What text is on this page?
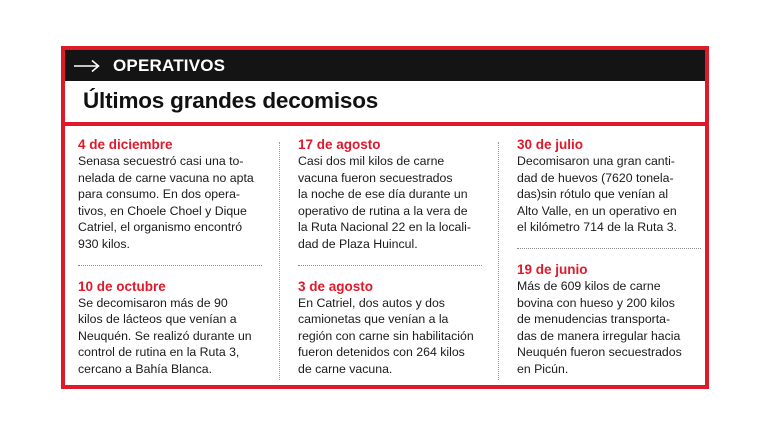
OPERATIVOS
Últimos grandes decomisos
4 de diciembre
Senasa secuestró casi una to-
nelada de carne vacuna no apta
para consumo. En dos opera-
tivos, en Choele Choel y Dique
Catriel, el organismo encontró
930 kilos.
10 de octubre
Se decomisaron más de 90
kilos de lácteos que venían a
Neuquén. Se realizó durante un
control de rutina en la Ruta 3,
cercano a Bahía Blanca.
17 de agosto
Casi dos mil kilos de carne
vacuna fueron secuestrados
la noche de ese día durante un
operativo de rutina a la vera de
la Ruta Nacional 22 en la locali-
dad de Plaza Huincul.
3 de agosto
En Catriel, dos autos y dos
camionetas que venían a la
región con carne sin habilitación
fueron detenidos con 264 kilos
de carne vacuna.
30 de julio
Decomisaron una gran canti-
dad de huevos (7620 tonela-
das)sin rótulo que venían al
Alto Valle, en un operativo en
el kilómetro 714 de la Ruta 3.
19 de junio
Más de 609 kilos de carne
bovina con hueso y 200 kilos
de menudencias transporta-
das de manera irregular hacia
Neuquén fueron secuestrados
en Picún.
